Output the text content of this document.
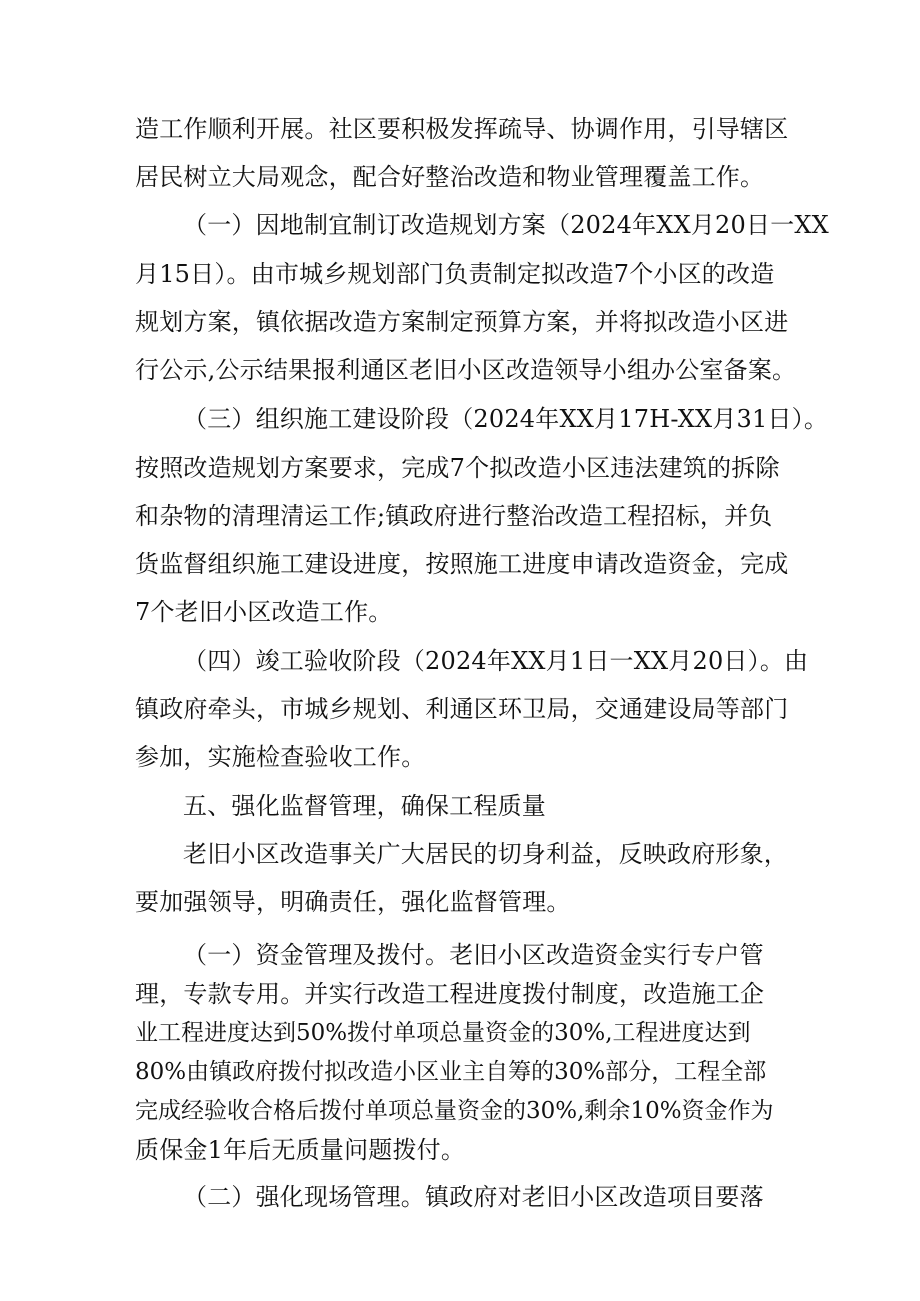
造工作顺利开展。社区要积极发挥疏导、协调作用，引导辖区
居民树立大局观念，配合好整治改造和物业管理覆盖工作。
（一）因地制宜制订改造规划方案（2024年XX月20日一XX
月15日）。由市城乡规划部门负责制定拟改造7个小区的改造
规划方案，镇依据改造方案制定预算方案，并将拟改造小区进
行公示,公示结果报利通区老旧小区改造领导小组办公室备案。
（三）组织施工建设阶段（2024年XX月17H-XX月31日）。
按照改造规划方案要求，完成7个拟改造小区违法建筑的拆除
和杂物的清理清运工作;镇政府进行整治改造工程招标，并负
货监督组织施工建设进度，按照施工进度申请改造资金，完成
7个老旧小区改造工作。
（四）竣工验收阶段（2024年XX月1日一XX月20日）。由
镇政府牵头，市城乡规划、利通区环卫局，交通建设局等部门
参加，实施检查验收工作。
五、强化监督管理，确保工程质量
老旧小区改造事关广大居民的切身利益，反映政府形象，
要加强领导，明确责任，强化监督管理。
（一）资金管理及拨付。老旧小区改造资金实行专户管
理，专款专用。并实行改造工程进度拨付制度，改造施工企
业工程进度达到50%拨付单项总量资金的30%,工程进度达到
80%由镇政府拨付拟改造小区业主自筹的30%部分，工程全部
完成经验收合格后拨付单项总量资金的30%,剩余10%资金作为
质保金1年后无质量问题拨付。
（二）强化现场管理。镇政府对老旧小区改造项目要落
